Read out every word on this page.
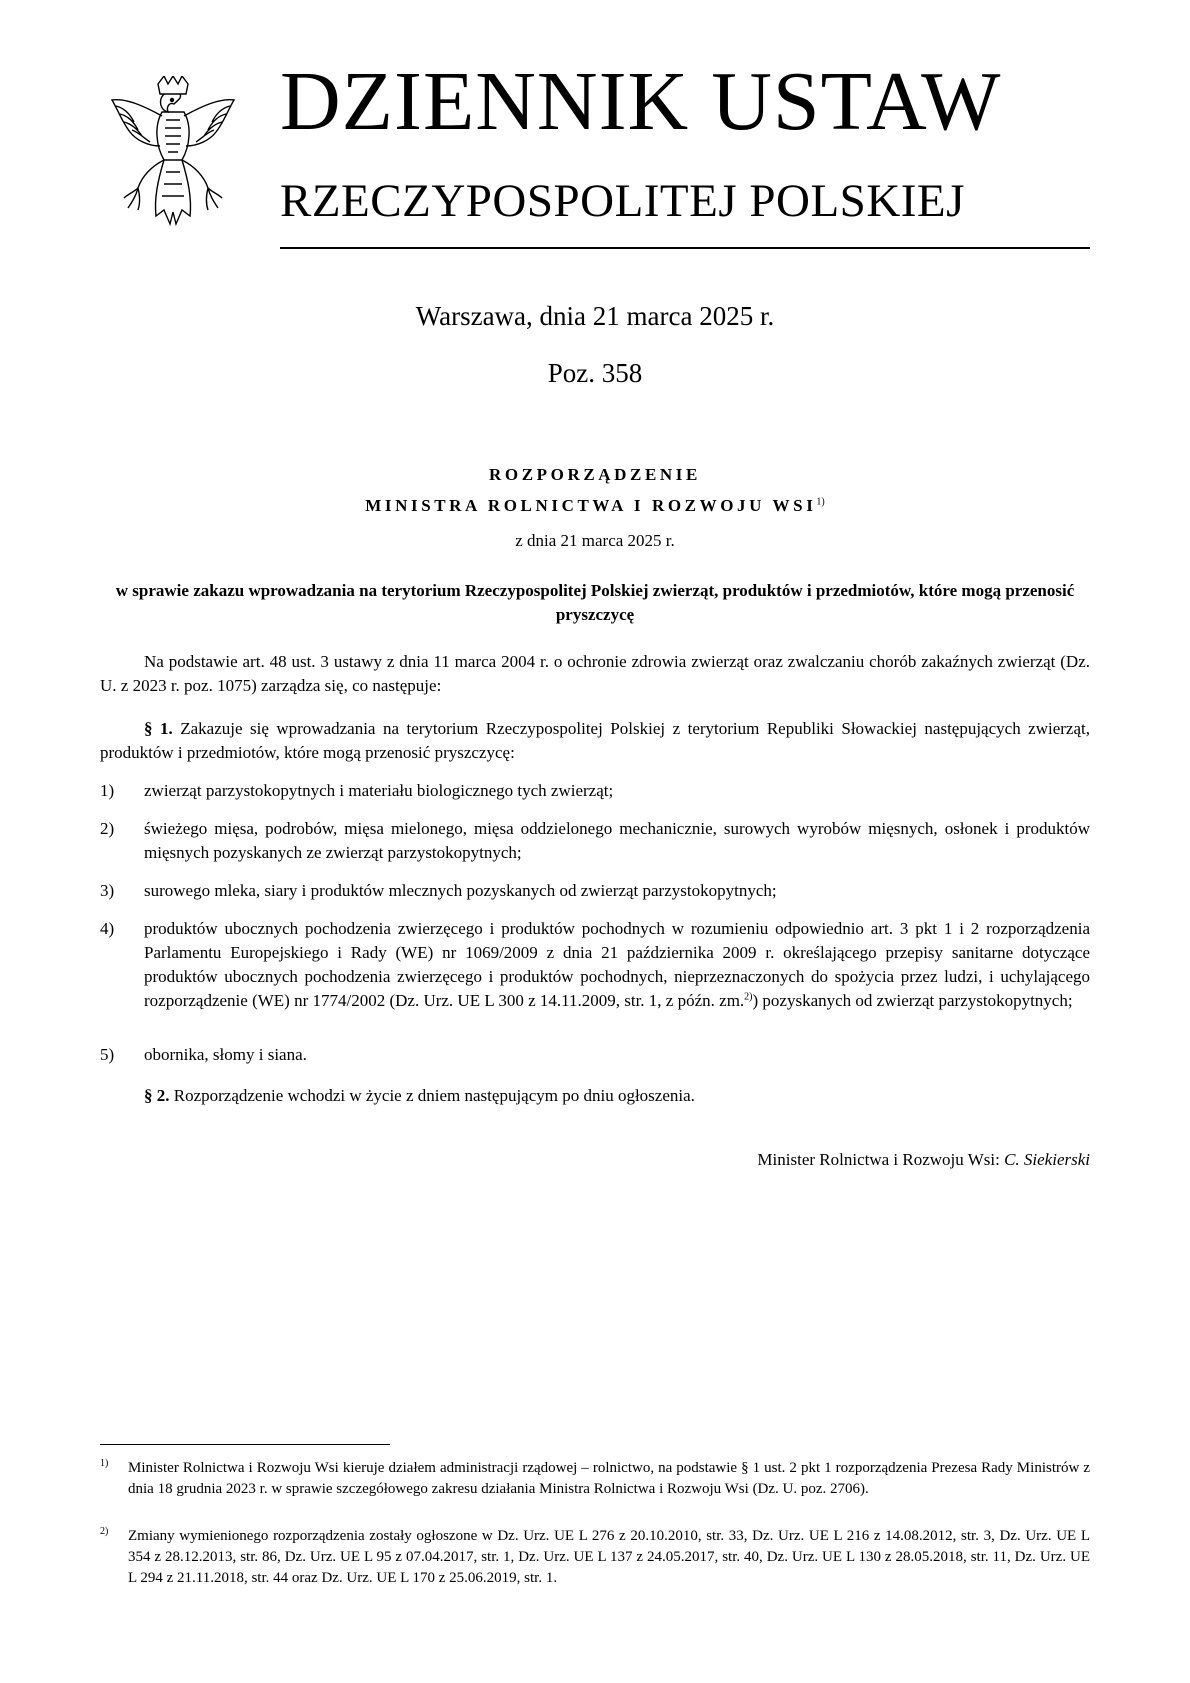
DZIENNIK USTAW
RZECZYPOSPOLITEJ POLSKIEJ
Warszawa, dnia 21 marca 2025 r.
Poz. 358
ROZPORZĄDZENIE
MINISTRA ROLNICTWA I ROZWOJU WSI$^{1)}$
z dnia 21 marca 2025 r.
w sprawie zakazu wprowadzania na terytorium Rzeczypospolitej Polskiej zwierząt, produktów i przedmiotów, które mogą przenosić pryszczycę
Na podstawie art. 48 ust. 3 ustawy z dnia 11 marca 2004 r. o ochronie zdrowia zwierząt oraz zwalczaniu chorób zakaźnych zwierząt (Dz. U. z 2023 r. poz. 1075) zarządza się, co następuje:
§ 1. Zakazuje się wprowadzania na terytorium Rzeczypospolitej Polskiej z terytorium Republiki Słowackiej następujących zwierząt, produktów i przedmiotów, które mogą przenosić pryszczycę:
1) zwierząt parzystokopytnych i materiału biologicznego tych zwierząt;
2) świeżego mięsa, podrobów, mięsa mielonego, mięsa oddzielonego mechanicznie, surowych wyrobów mięsnych, osłonek i produktów mięsnych pozyskanych ze zwierząt parzystokopytnych;
3) surowego mleka, siary i produktów mlecznych pozyskanych od zwierząt parzystokopytnych;
4) produktów ubocznych pochodzenia zwierzęcego i produktów pochodnych w rozumieniu odpowiednio art. 3 pkt 1 i 2 rozporządzenia Parlamentu Europejskiego i Rady (WE) nr 1069/2009 z dnia 21 października 2009 r. określającego przepisy sanitarne dotyczące produktów ubocznych pochodzenia zwierzęcego i produktów pochodnych, nieprzeznaczonych do spożycia przez ludzi, i uchylającego rozporządzenie (WE) nr 1774/2002 (Dz. Urz. UE L 300 z 14.11.2009, str. 1, z późn. zm.$^{2)}$) pozyskanych od zwierząt parzystokopytnych;
5) obornika, słomy i siana.
§ 2. Rozporządzenie wchodzi w życie z dniem następującym po dniu ogłoszenia.
Minister Rolnictwa i Rozwoju Wsi: C. Siekierski
1) Minister Rolnictwa i Rozwoju Wsi kieruje działem administracji rządowej – rolnictwo, na podstawie § 1 ust. 2 pkt 1 rozporządzenia Prezesa Rady Ministrów z dnia 18 grudnia 2023 r. w sprawie szczegółowego zakresu działania Ministra Rolnictwa i Rozwoju Wsi (Dz. U. poz. 2706).
2) Zmiany wymienionego rozporządzenia zostały ogłoszone w Dz. Urz. UE L 276 z 20.10.2010, str. 33, Dz. Urz. UE L 216 z 14.08.2012, str. 3, Dz. Urz. UE L 354 z 28.12.2013, str. 86, Dz. Urz. UE L 95 z 07.04.2017, str. 1, Dz. Urz. UE L 137 z 24.05.2017, str. 40, Dz. Urz. UE L 130 z 28.05.2018, str. 11, Dz. Urz. UE L 294 z 21.11.2018, str. 44 oraz Dz. Urz. UE L 170 z 25.06.2019, str. 1.
